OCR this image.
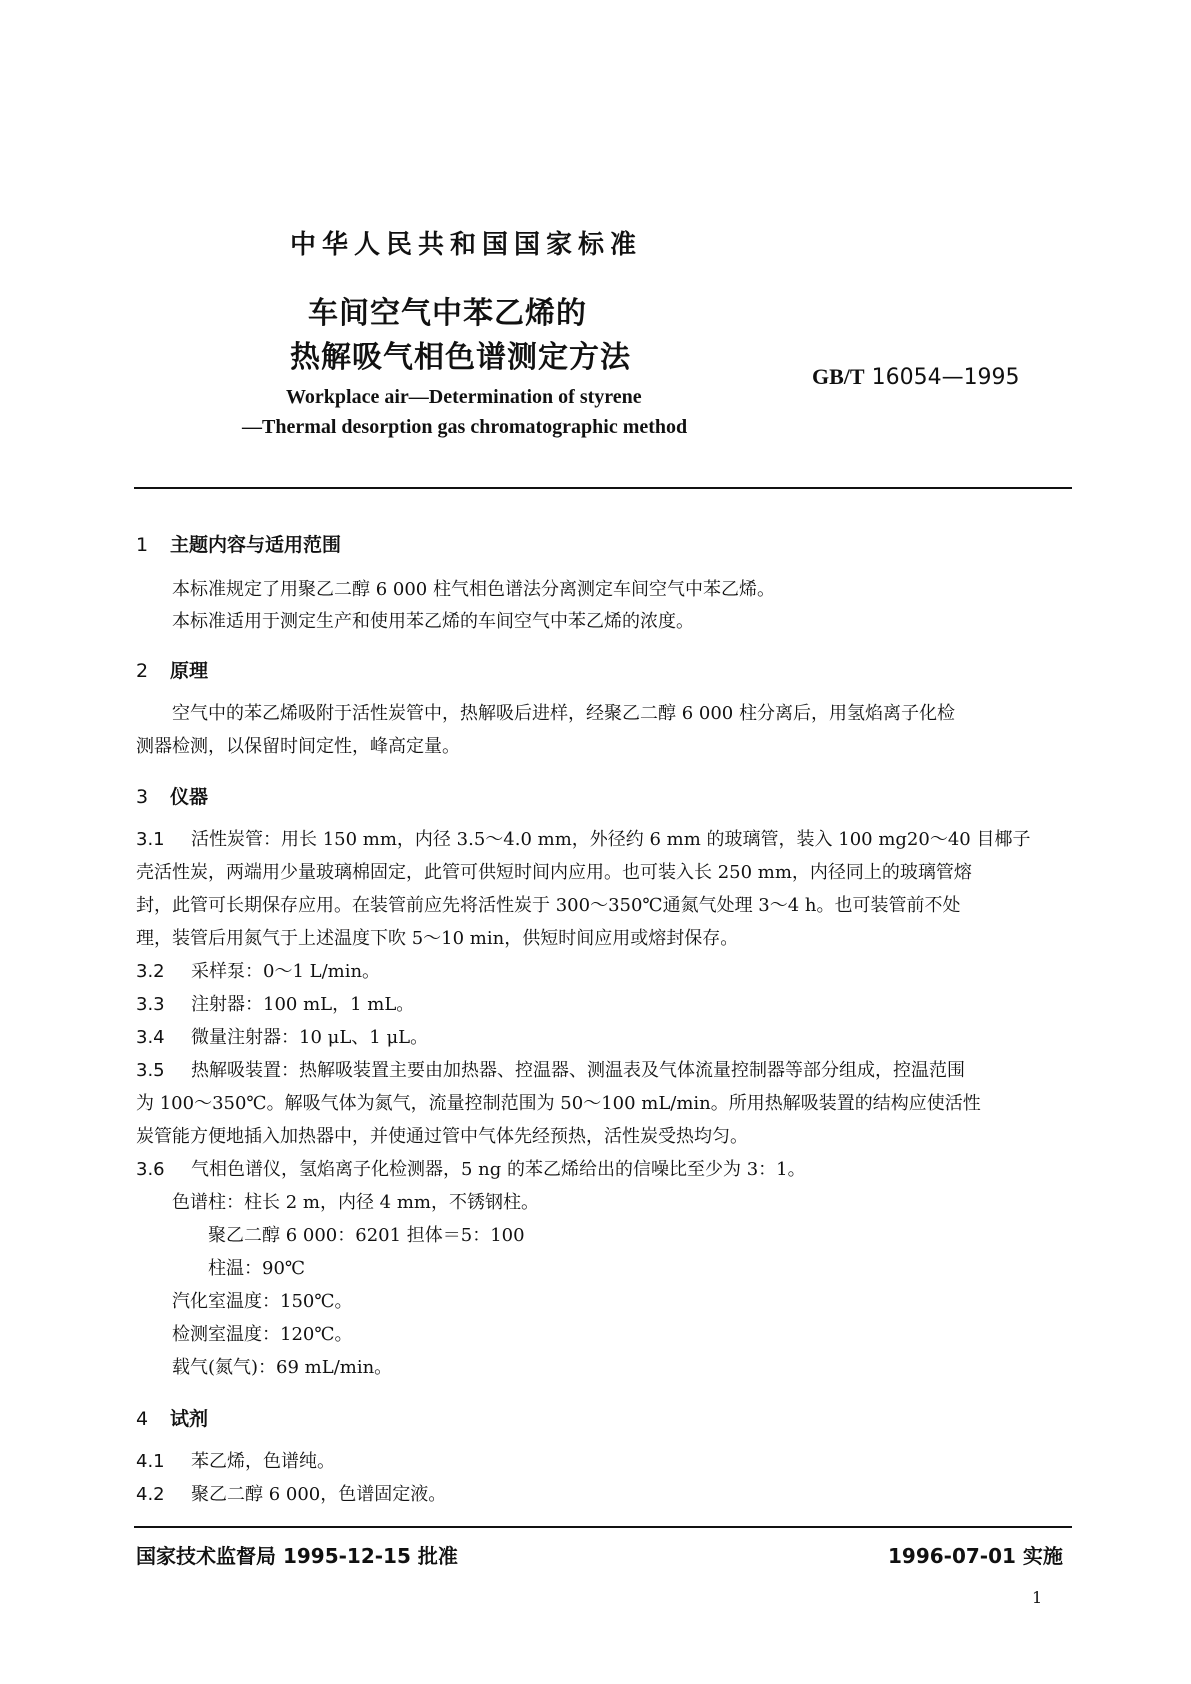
中华人民共和国国家标准
车间空气中苯乙烯的
热解吸气相色谱测定方法
GB/T 16054—1995
Workplace air—Determination of styrene
—Thermal desorption gas chromatographic method
1 主题内容与适用范围
本标准规定了用聚乙二醇 6 000 柱气相色谱法分离测定车间空气中苯乙烯。
本标准适用于测定生产和使用苯乙烯的车间空气中苯乙烯的浓度。
2 原理
空气中的苯乙烯吸附于活性炭管中，热解吸后进样，经聚乙二醇 6 000 柱分离后，用氢焰离子化检
测器检测，以保留时间定性，峰高定量。
3 仪器
3.1 活性炭管：用长 150 mm，内径 3.5～4.0 mm，外径约 6 mm 的玻璃管，装入 100 mg20～40 目椰子
壳活性炭，两端用少量玻璃棉固定，此管可供短时间内应用。也可装入长 250 mm，内径同上的玻璃管熔
封，此管可长期保存应用。在装管前应先将活性炭于 300～350℃通氮气处理 3～4 h。也可装管前不处
理，装管后用氮气于上述温度下吹 5～10 min，供短时间应用或熔封保存。
3.2 采样泵：0～1 L/min。
3.3 注射器：100 mL，1 mL。
3.4 微量注射器：10 μL、1 μL。
3.5 热解吸装置：热解吸装置主要由加热器、控温器、测温表及气体流量控制器等部分组成，控温范围
为 100～350℃。解吸气体为氮气，流量控制范围为 50～100 mL/min。所用热解吸装置的结构应使活性
炭管能方便地插入加热器中，并使通过管中气体先经预热，活性炭受热均匀。
3.6 气相色谱仪，氢焰离子化检测器，5 ng 的苯乙烯给出的信噪比至少为 3：1。
色谱柱：柱长 2 m，内径 4 mm，不锈钢柱。
聚乙二醇 6 000：6201 担体＝5：100
柱温：90℃
汽化室温度：150℃。
检测室温度：120℃。
载气(氮气)：69 mL/min。
4 试剂
4.1 苯乙烯，色谱纯。
4.2 聚乙二醇 6 000，色谱固定液。
国家技术监督局 1995-12-15 批准	1996-07-01 实施
1
